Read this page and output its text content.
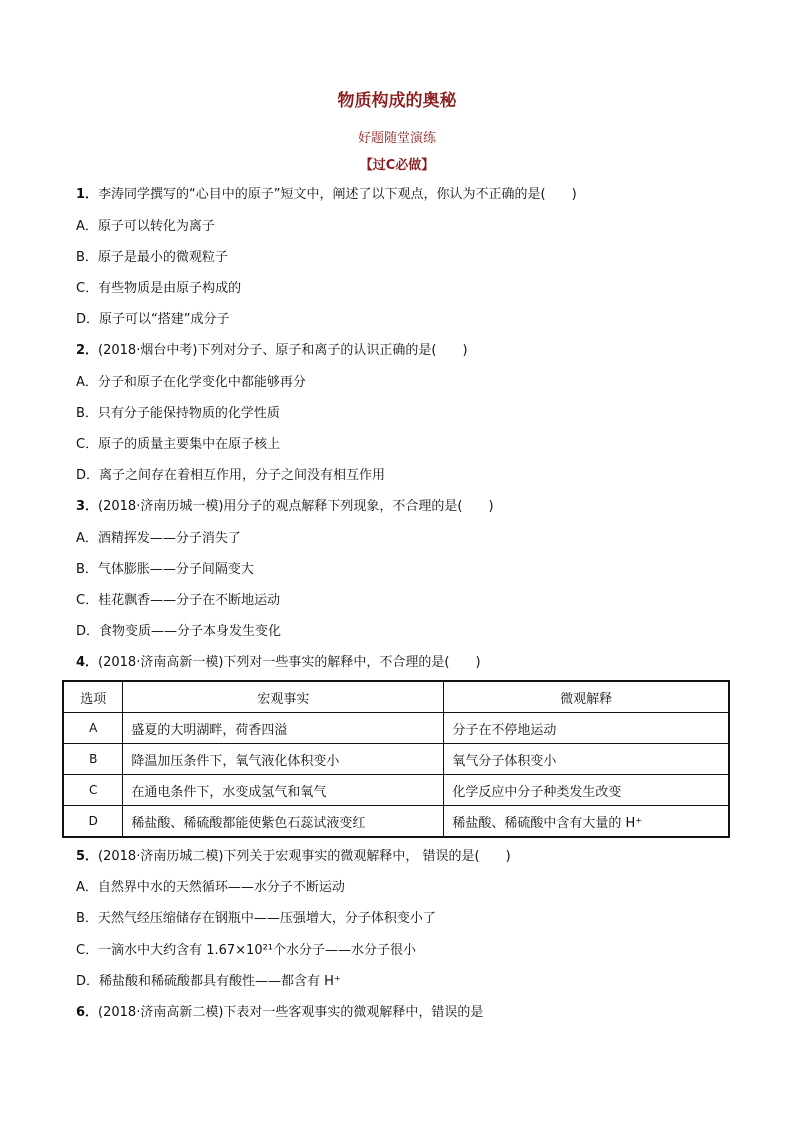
物质构成的奥秘
好题随堂演练
【过C必做】
1．李涛同学撰写的“心目中的原子”短文中，阐述了以下观点，你认为不正确的是(　　)
A．原子可以转化为离子
B．原子是最小的微观粒子
C．有些物质是由原子构成的
D．原子可以“搭建”成分子
2．(2018·烟台中考)下列对分子、原子和离子的认识正确的是(　　)
A．分子和原子在化学变化中都能够再分
B．只有分子能保持物质的化学性质
C．原子的质量主要集中在原子核上
D．离子之间存在着相互作用，分子之间没有相互作用
3．(2018·济南历城一模)用分子的观点解释下列现象，不合理的是(　　)
A．酒精挥发——分子消失了
B．气体膨胀——分子间隔变大
C．桂花飘香——分子在不断地运动
D．食物变质——分子本身发生变化
4．(2018·济南高新一模)下列对一些事实的解释中，不合理的是(　　)
选项	宏观事实	微观解释
A	盛夏的大明湖畔，荷香四溢	分子在不停地运动
B	降温加压条件下，氧气液化体积变小	氧气分子体积变小
C	在通电条件下，水变成氢气和氧气	化学反应中分子种类发生改变
D	稀盐酸、稀硫酸都能使紫色石蕊试液变红	稀盐酸、稀硫酸中含有大量的 H⁺
5．(2018·济南历城二模)下列关于宏观事实的微观解释中， 错误的是(　　)
A．自然界中水的天然循环——水分子不断运动
B．天然气经压缩储存在钢瓶中——压强增大，分子体积变小了
C．一滴水中大约含有 1.67×10²¹个水分子——水分子很小
D．稀盐酸和稀硫酸都具有酸性——都含有 H⁺
6．(2018·济南高新二模)下表对一些客观事实的微观解释中，错误的是
